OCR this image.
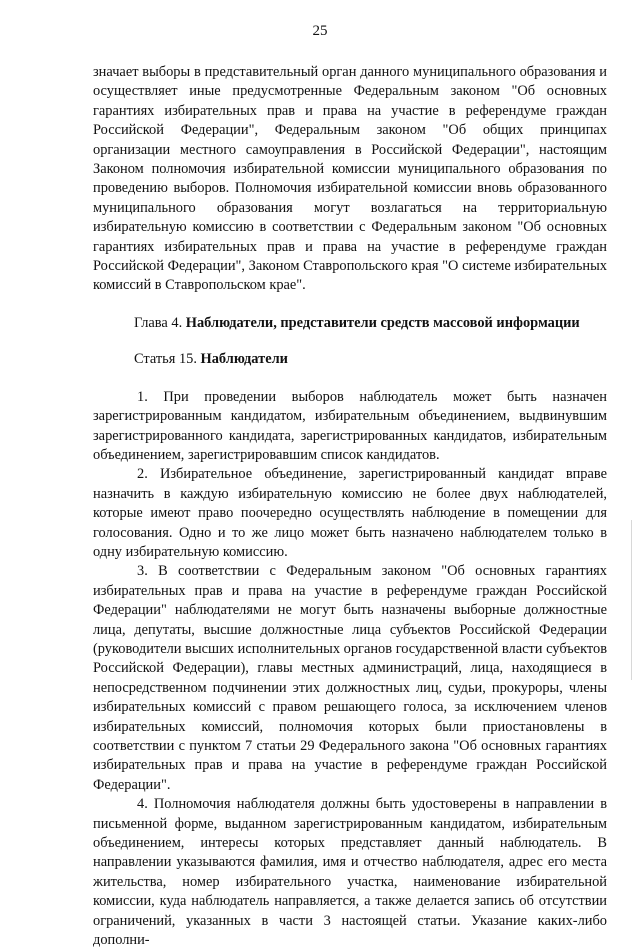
25

значает выборы в представительный орган данного муниципального образования и осуществляет иные предусмотренные Федеральным законом "Об основных гарантиях избирательных прав и права на участие в референдуме граждан Российской Федерации", Федеральным законом "Об общих принципах организации местного самоуправления в Российской Федерации", настоящим Законом полномочия избирательной комиссии муниципального образования по проведению выборов. Полномочия избирательной комиссии вновь образованного муниципального образования могут возлагаться на территориальную избирательную комиссию в соответствии с Федеральным законом "Об основных гарантиях избирательных прав и права на участие в референдуме граждан Российской Федерации", Законом Ставропольского края "О системе избирательных комиссий в Ставропольском крае".

Глава 4. Наблюдатели, представители средств массовой информации

Статья 15. Наблюдатели

1. При проведении выборов наблюдатель может быть назначен зарегистрированным кандидатом, избирательным объединением, выдвинувшим зарегистрированного кандидата, зарегистрированных кандидатов, избирательным объединением, зарегистрировавшим список кандидатов.

2. Избирательное объединение, зарегистрированный кандидат вправе назначить в каждую избирательную комиссию не более двух наблюдателей, которые имеют право поочередно осуществлять наблюдение в помещении для голосования. Одно и то же лицо может быть назначено наблюдателем только в одну избирательную комиссию.

3. В соответствии с Федеральным законом "Об основных гарантиях избирательных прав и права на участие в референдуме граждан Российской Федерации" наблюдателями не могут быть назначены выборные должностные лица, депутаты, высшие должностные лица субъектов Российской Федерации (руководители высших исполнительных органов государственной власти субъектов Российской Федерации), главы местных администраций, лица, находящиеся в непосредственном подчинении этих должностных лиц, судьи, прокуроры, члены избирательных комиссий с правом решающего голоса, за исключением членов избирательных комиссий, полномочия которых были приостановлены в соответствии с пунктом 7 статьи 29 Федерального закона "Об основных гарантиях избирательных прав и права на участие в референдуме граждан Российской Федерации".

4. Полномочия наблюдателя должны быть удостоверены в направлении в письменной форме, выданном зарегистрированным кандидатом, избирательным объединением, интересы которых представляет данный наблюдатель. В направлении указываются фамилия, имя и отчество наблюдателя, адрес его места жительства, номер избирательного участка, наименование избирательной комиссии, куда наблюдатель направляется, а также делается запись об отсутствии ограничений, указанных в части 3 настоящей статьи. Указание каких-либо дополни-
